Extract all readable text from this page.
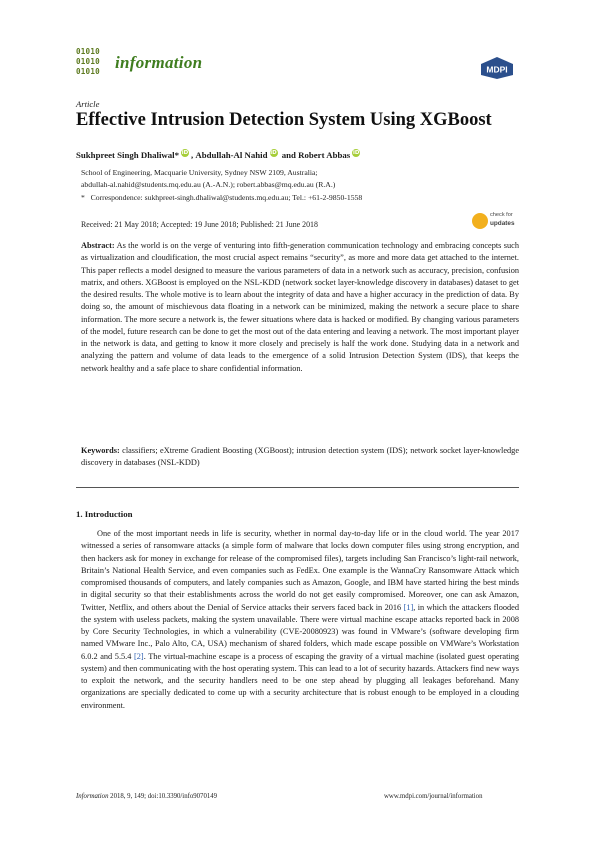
01010
01010
01010 information	MDPI
Article
Effective Intrusion Detection System Using XGBoost
Sukhpreet Singh Dhaliwal * iD , Abdullah-Al Nahid iD and Robert Abbas iD
School of Engineering, Macquarie University, Sydney NSW 2109, Australia;
abdullah-al.nahid@students.mq.edu.au (A.-A.N.); robert.abbas@mq.edu.au (R.A.)
*   Correspondence: sukhpreet-singh.dhaliwal@students.mq.edu.au; Tel.: +61-2-9850-1558
Received: 21 May 2018; Accepted: 19 June 2018; Published: 21 June 2018
check for
updates
Abstract: As the world is on the verge of venturing into fifth-generation communication technology and embracing concepts such as virtualization and cloudification, the most crucial aspect remains “security”, as more and more data get attached to the internet. This paper reflects a model designed to measure the various parameters of data in a network such as accuracy, precision, confusion matrix, and others. XGBoost is employed on the NSL-KDD (network socket layer-knowledge discovery in databases) dataset to get the desired results. The whole motive is to learn about the integrity of data and have a higher accuracy in the prediction of data. By doing so, the amount of mischievous data floating in a network can be minimized, making the network a secure place to share information. The more secure a network is, the fewer situations where data is hacked or modified. By changing various parameters of the model, future research can be done to get the most out of the data entering and leaving a network. The most important player in the network is data, and getting to know it more closely and precisely is half the work done. Studying data in a network and analyzing the pattern and volume of data leads to the emergence of a solid Intrusion Detection System (IDS), that keeps the network healthy and a safe place to share confidential information.
Keywords: classifiers; eXtreme Gradient Boosting (XGBoost); intrusion detection system (IDS); network socket layer-knowledge discovery in databases (NSL-KDD)
1. Introduction
One of the most important needs in life is security, whether in normal day-to-day life or in the cloud world. The year 2017 witnessed a series of ransomware attacks (a simple form of malware that locks down computer files using strong encryption, and then hackers ask for money in exchange for release of the compromised files), targets including San Francisco’s light-rail network, Britain’s National Health Service, and even companies such as FedEx. One example is the WannaCry Ransomware Attack which compromised thousands of computers, and lately companies such as Amazon, Google, and IBM have started hiring the best minds in digital security so that their establishments across the world do not get easily compromised. Moreover, one can ask Amazon, Twitter, Netflix, and others about the Denial of Service attacks their servers faced back in 2016 [1], in which the attackers flooded the system with useless packets, making the system unavailable. There were virtual machine escape attacks reported back in 2008 by Core Security Technologies, in which a vulnerability (CVE-20080923) was found in VMware’s (software developing firm named VMware Inc., Palo Alto, CA, USA) mechanism of shared folders, which made escape possible on VMWare’s Workstation 6.0.2 and 5.5.4 [2]. The virtual-machine escape is a process of escaping the gravity of a virtual machine (isolated guest operating system) and then communicating with the host operating system. This can lead to a lot of security hazards. Attackers find new ways to exploit the network, and the security handlers need to be one step ahead by plugging all leakages beforehand. Many organizations are specially dedicated to come up with a security architecture that is robust enough to be employed in a clouding environment.
Information 2018, 9, 149; doi:10.3390/info9070149	www.mdpi.com/journal/information
